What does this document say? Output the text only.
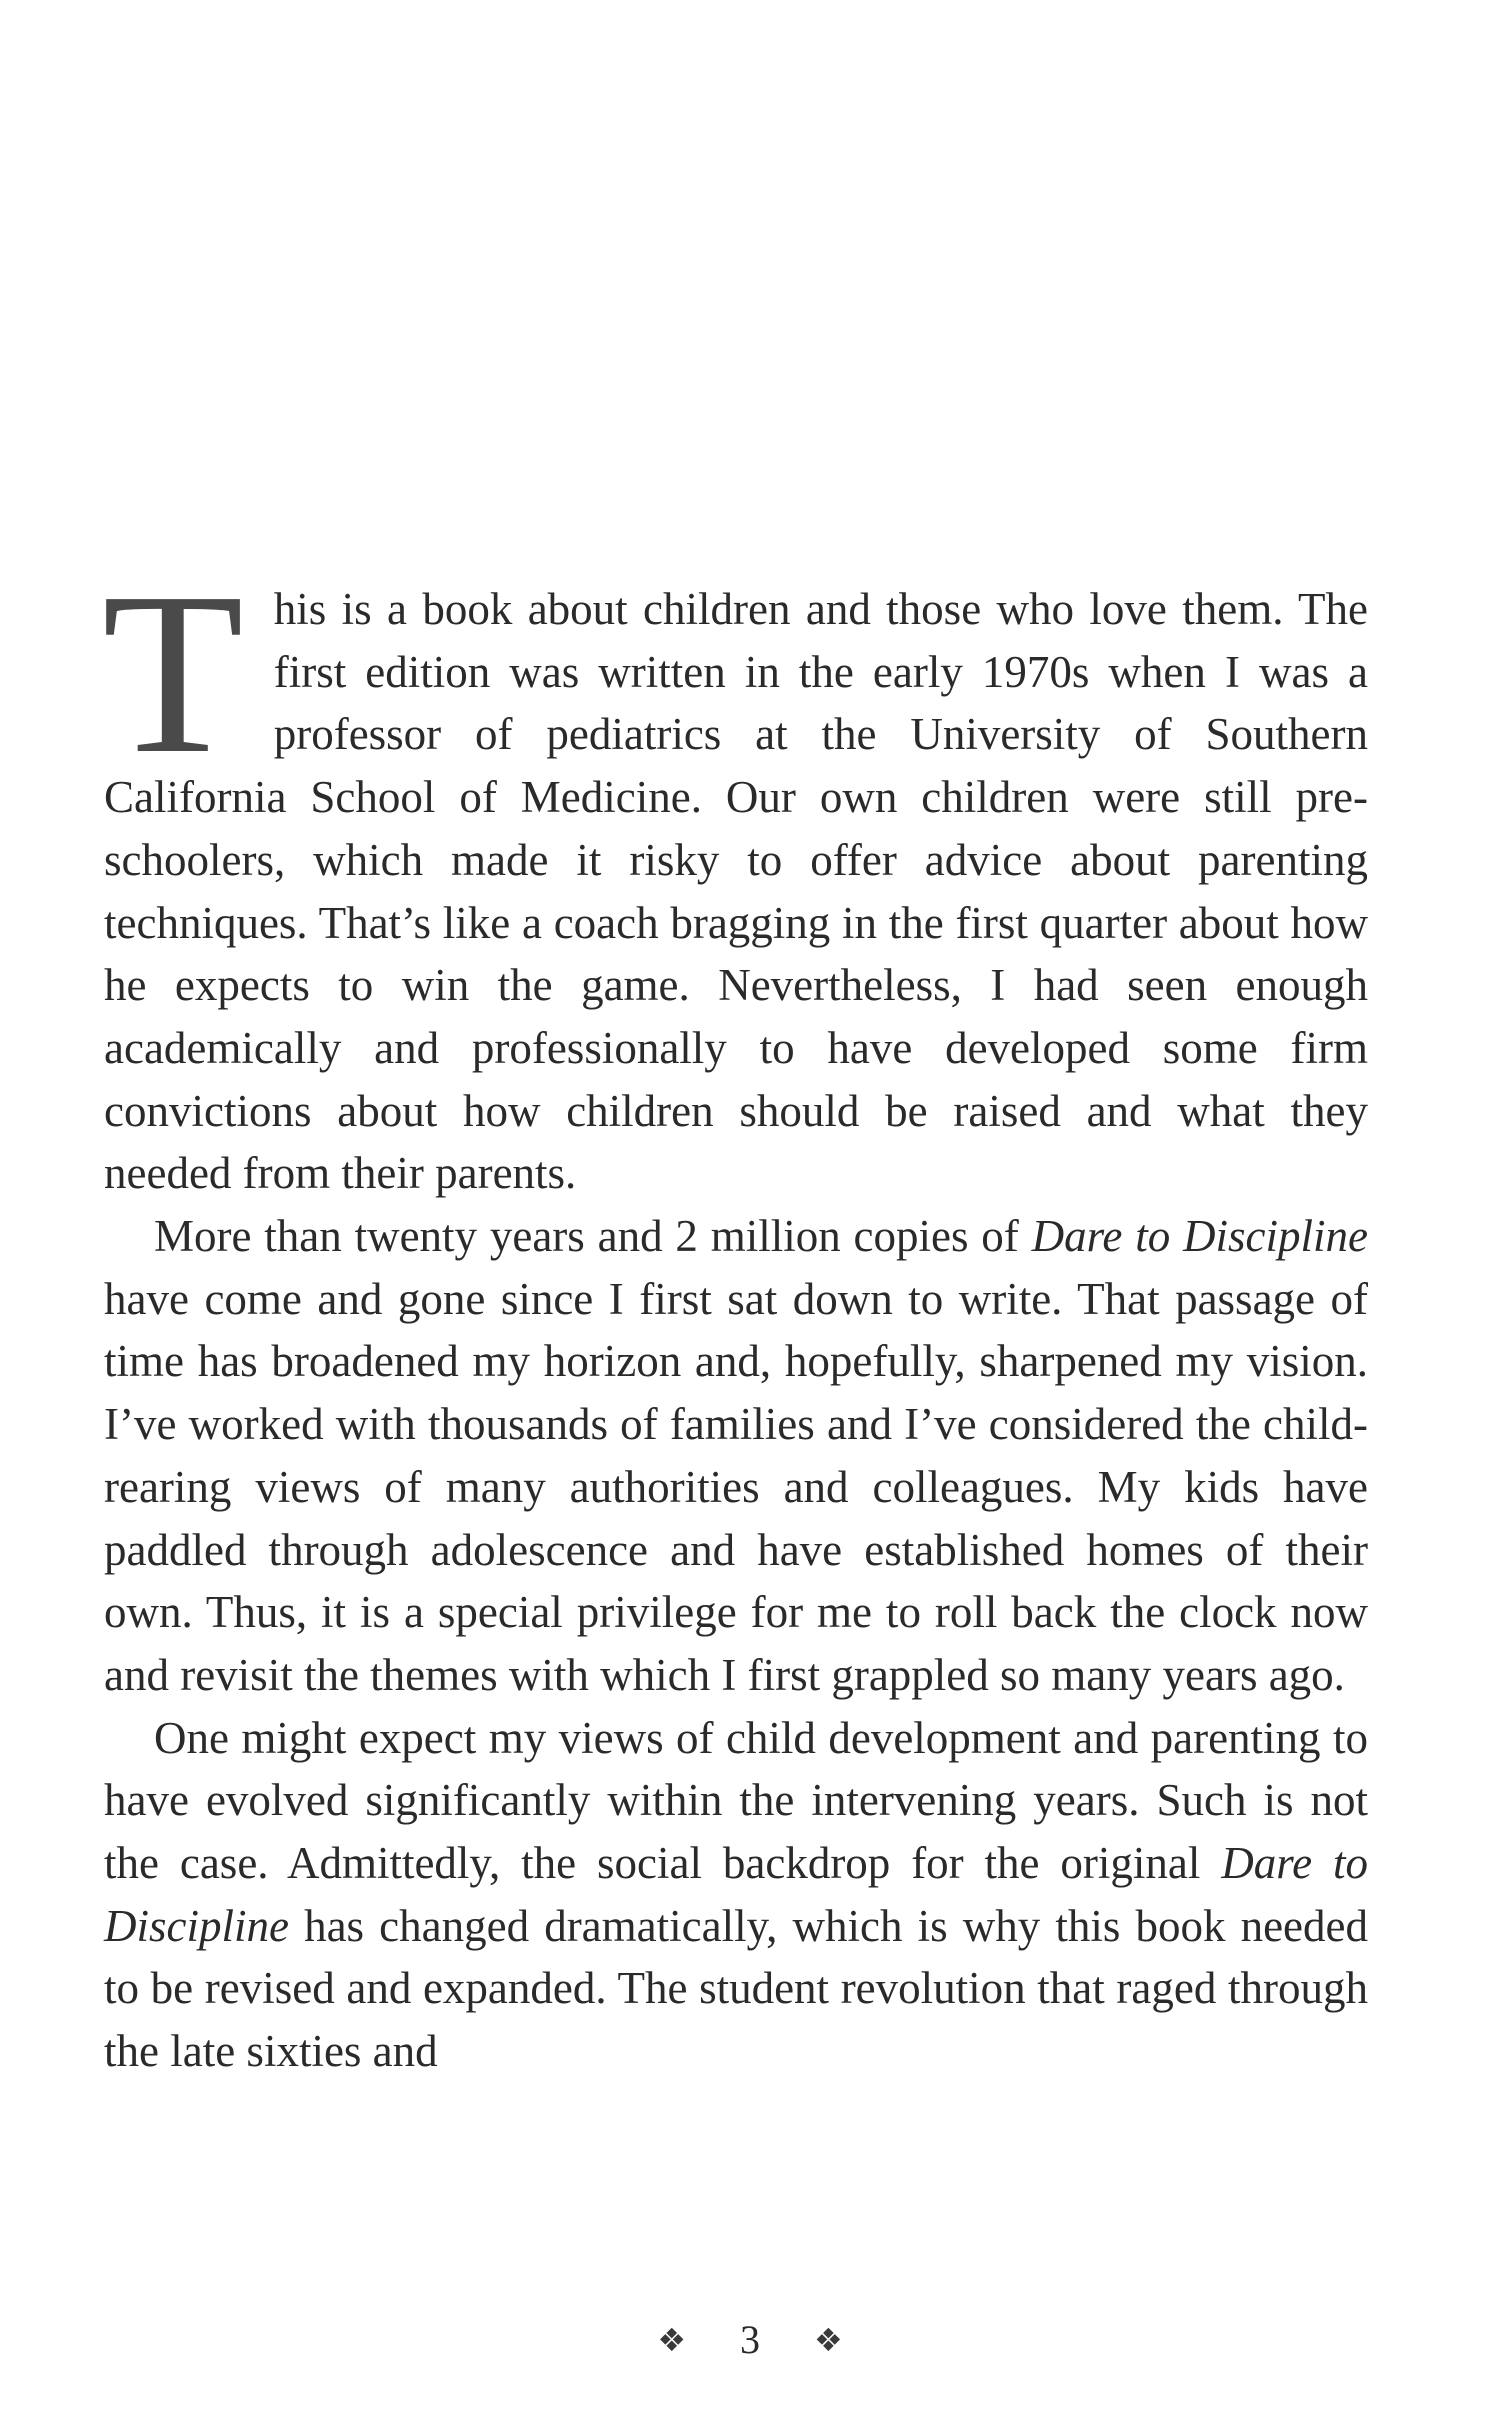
T his is a book about children and those who love them. The first edition was written in the early 1970s when I was a professor of pediatrics at the University of Southern California School of Medicine. Our own children were still pre-schoolers, which made it risky to offer advice about parenting techniques. That’s like a coach bragging in the first quarter about how he expects to win the game. Nevertheless, I had seen enough academically and professionally to have developed some firm convictions about how children should be raised and what they needed from their parents.

More than twenty years and 2 million copies of Dare to Discipline have come and gone since I first sat down to write. That passage of time has broadened my horizon and, hopefully, sharpened my vision. I’ve worked with thousands of families and I’ve considered the child-rearing views of many authorities and colleagues. My kids have paddled through adolescence and have established homes of their own. Thus, it is a special privilege for me to roll back the clock now and revisit the themes with which I first grappled so many years ago.

One might expect my views of child development and parenting to have evolved significantly within the intervening years. Such is not the case. Admittedly, the social backdrop for the original Dare to Discipline has changed dramatically, which is why this book needed to be revised and expanded. The student revolution that raged through the late sixties and

❖ 3 ❖
